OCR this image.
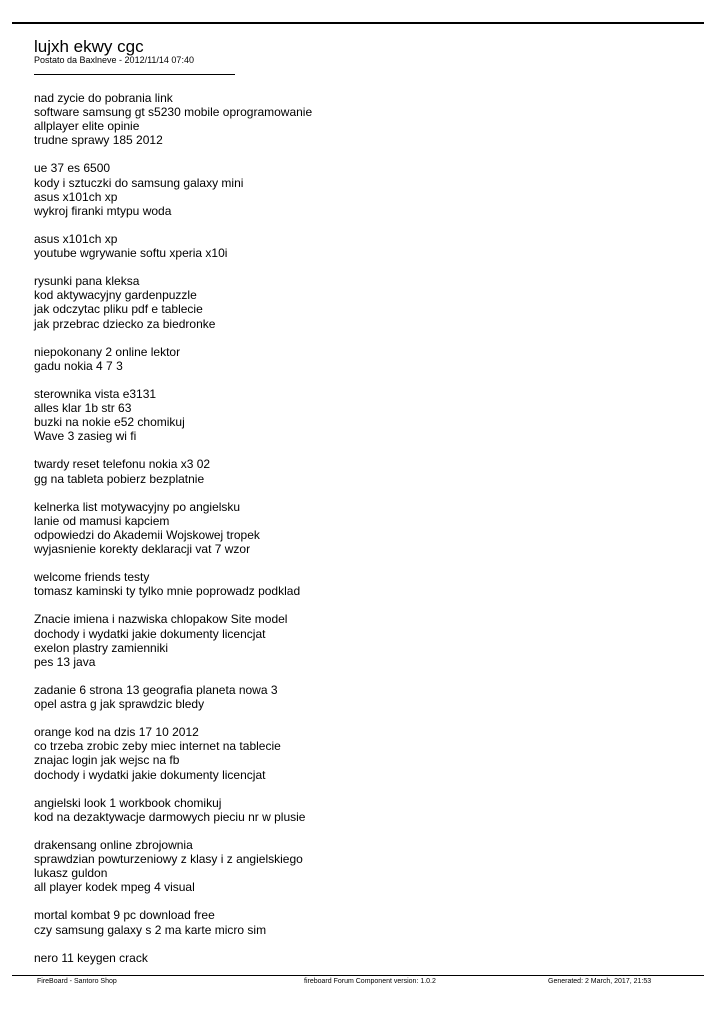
lujxh ekwy cgc
Postato da Baxlneve - 2012/11/14 07:40
nad zycie do pobrania link
software samsung gt s5230 mobile oprogramowanie
allplayer elite opinie
trudne sprawy 185 2012
ue 37 es 6500
kody i sztuczki do samsung galaxy mini
asus x101ch xp
wykroj firanki mtypu woda
asus x101ch xp
youtube wgrywanie softu xperia x10i
rysunki pana kleksa
kod aktywacyjny gardenpuzzle
jak odczytac pliku pdf e tablecie
jak przebrac dziecko za biedronke
niepokonany 2 online lektor
gadu nokia 4 7 3
sterownika vista e3131
alles klar 1b str 63
buzki na nokie e52 chomikuj
Wave 3 zasieg wi fi
twardy reset telefonu nokia x3 02
gg na tableta pobierz bezplatnie
kelnerka list motywacyjny po angielsku
lanie od mamusi kapciem
odpowiedzi do Akademii Wojskowej tropek
wyjasnienie korekty deklaracji vat 7 wzor
welcome friends testy
tomasz kaminski ty tylko mnie poprowadz podklad
Znacie imiena i nazwiska chlopakow Site model
dochody i wydatki jakie dokumenty licencjat
exelon plastry zamienniki
pes 13 java
zadanie 6 strona 13 geografia planeta nowa 3
opel astra g jak sprawdzic bledy
orange kod na dzis 17 10 2012
co trzeba zrobic zeby miec internet na tablecie
znajac login jak wejsc na fb
dochody i wydatki jakie dokumenty licencjat
angielski look 1 workbook chomikuj
kod na dezaktywacje darmowych pieciu nr w plusie
drakensang online zbrojownia
sprawdzian powturzeniowy z klasy i z angielskiego
lukasz guldon
all player kodek mpeg 4 visual
mortal kombat 9 pc download free
czy samsung galaxy s 2 ma karte micro sim
nero 11 keygen crack
FireBoard - Santoro Shop	fireboard Forum Component version: 1.0.2	Generated: 2 March, 2017, 21:53
